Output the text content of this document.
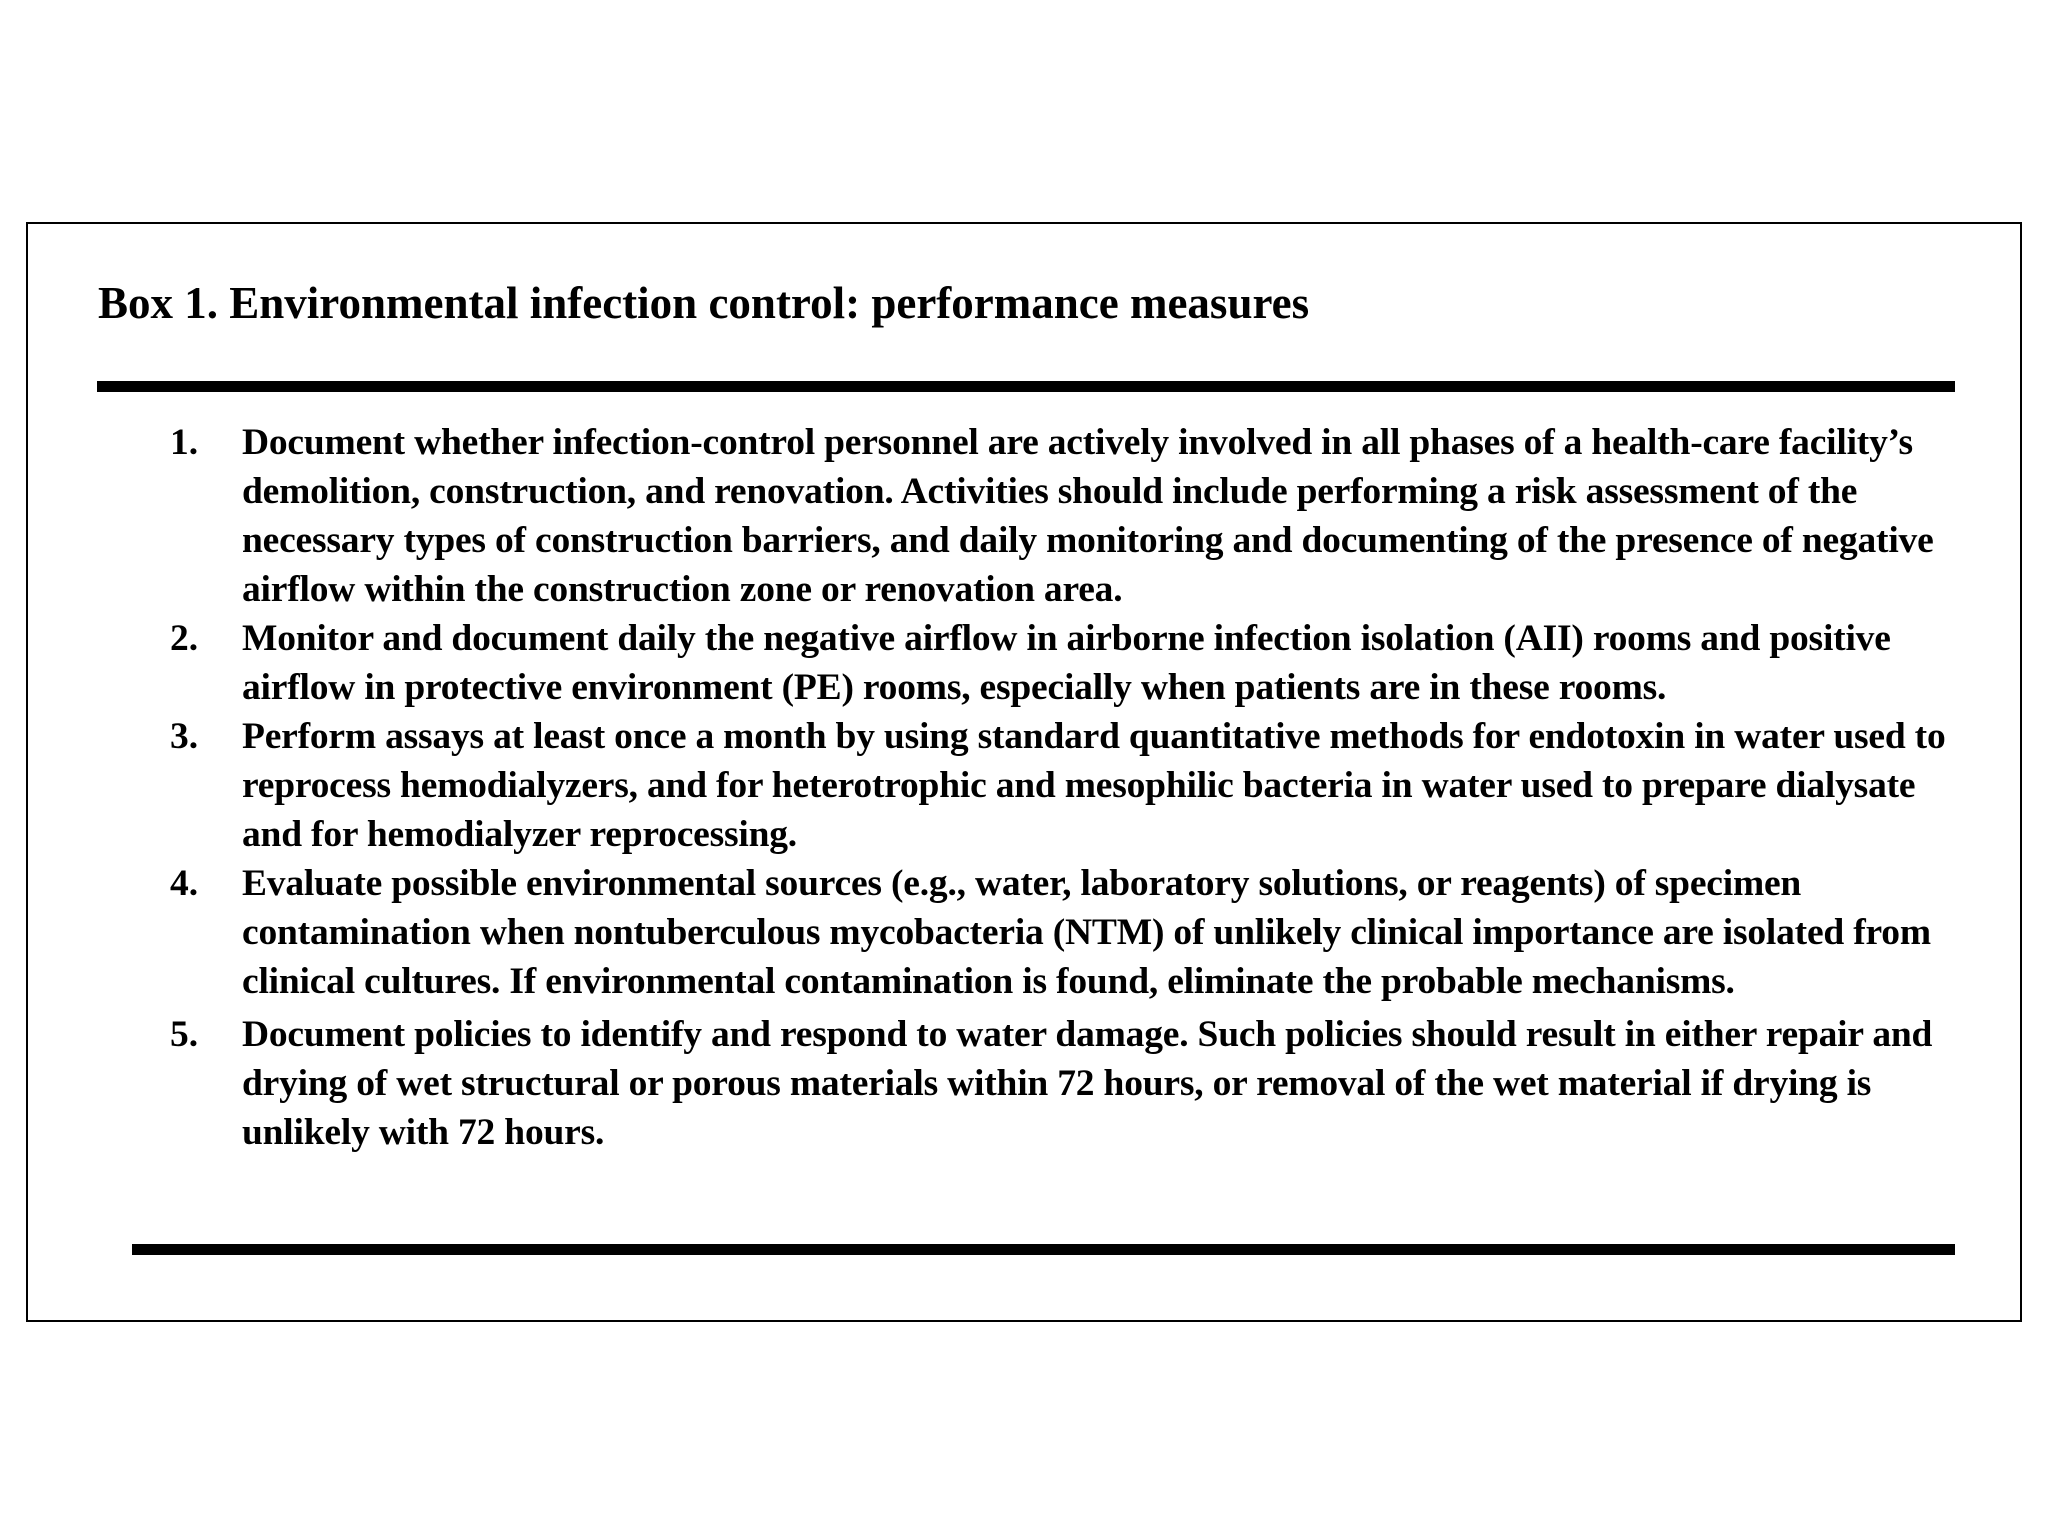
Box 1. Environmental infection control: performance measures
1.	Document whether infection-control personnel are actively involved in all phases of a health-care facility’s demolition, construction, and renovation. Activities should include performing a risk assessment of the necessary types of construction barriers, and daily monitoring and documenting of the presence of negative airflow within the construction zone or renovation area.
2.	Monitor and document daily the negative airflow in airborne infection isolation (AII) rooms and positive airflow in protective environment (PE) rooms, especially when patients are in these rooms.
3.	Perform assays at least once a month by using standard quantitative methods for endotoxin in water used to reprocess hemodialyzers, and for heterotrophic and mesophilic bacteria in water used to prepare dialysate and for hemodialyzer reprocessing.
4.	Evaluate possible environmental sources (e.g., water, laboratory solutions, or reagents) of specimen contamination when nontuberculous mycobacteria (NTM) of unlikely clinical importance are isolated from clinical cultures. If environmental contamination is found, eliminate the probable mechanisms.
5.	Document policies to identify and respond to water damage. Such policies should result in either repair and drying of wet structural or porous materials within 72 hours, or removal of the wet material if drying is unlikely with 72 hours.
